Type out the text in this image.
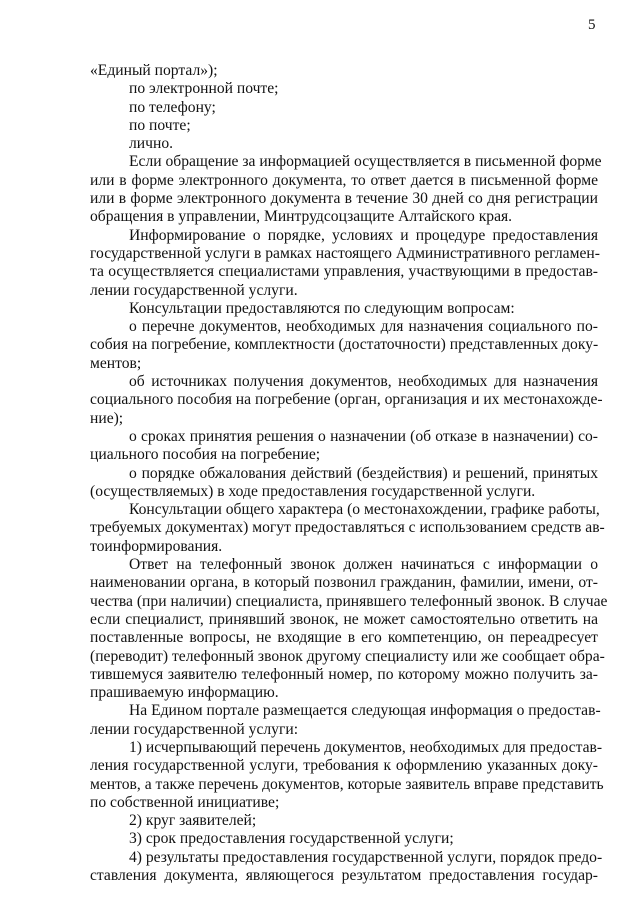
5
«Единый портал»);
по электронной почте;
по телефону;
по почте;
лично.
Если обращение за информацией осуществляется в письменной форме
или в форме электронного документа, то ответ дается в письменной форме
или в форме электронного документа в течение 30 дней со дня регистрации
обращения в управлении, Минтрудсоцзащите Алтайского края.
Информирование о порядке, условиях и процедуре предоставления
государственной услуги в рамках настоящего Административного регламен-
та осуществляется специалистами управления, участвующими в предостав-
лении государственной услуги.
Консультации предоставляются по следующим вопросам:
о перечне документов, необходимых для назначения социального по-
собия на погребение, комплектности (достаточности) представленных доку-
ментов;
об источниках получения документов, необходимых для назначения
социального пособия на погребение (орган, организация и их местонахожде-
ние);
о сроках принятия решения о назначении (об отказе в назначении) со-
циального пособия на погребение;
о порядке обжалования действий (бездействия) и решений, принятых
(осуществляемых) в ходе предоставления государственной услуги.
Консультации общего характера (о местонахождении, графике работы,
требуемых документах) могут предоставляться с использованием средств ав-
тоинформирования.
Ответ на телефонный звонок должен начинаться с информации о
наименовании органа, в который позвонил гражданин, фамилии, имени, от-
чества (при наличии) специалиста, принявшего телефонный звонок. В случае
если специалист, принявший звонок, не может самостоятельно ответить на
поставленные вопросы, не входящие в его компетенцию, он переадресует
(переводит) телефонный звонок другому специалисту или же сообщает обра-
тившемуся заявителю телефонный номер, по которому можно получить за-
прашиваемую информацию.
На Едином портале размещается следующая информация о предостав-
лении государственной услуги:
1) исчерпывающий перечень документов, необходимых для предостав-
ления государственной услуги, требования к оформлению указанных доку-
ментов, а также перечень документов, которые заявитель вправе представить
по собственной инициативе;
2) круг заявителей;
3) срок предоставления государственной услуги;
4) результаты предоставления государственной услуги, порядок предо-
ставления документа, являющегося результатом предоставления государ-
